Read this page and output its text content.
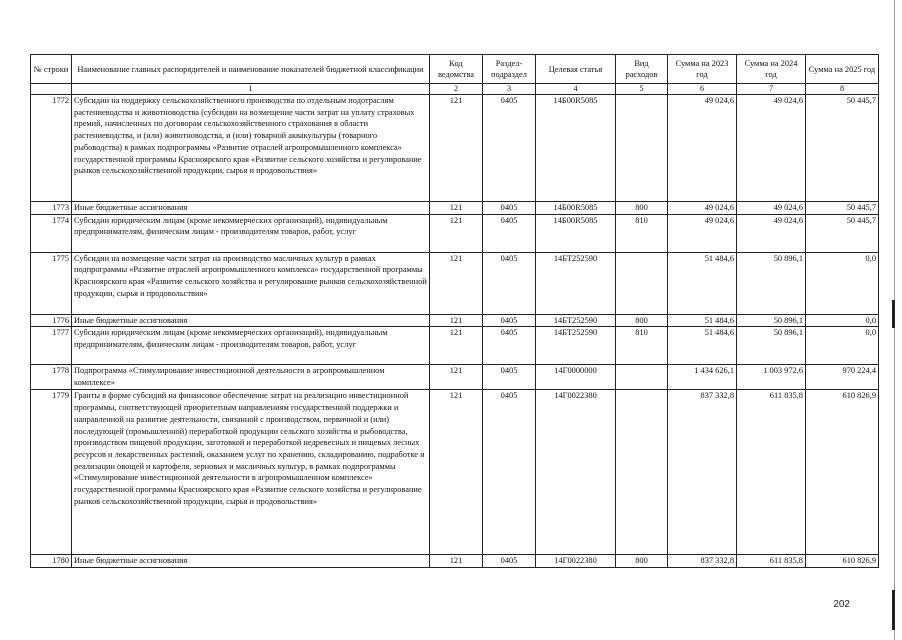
№ строки	Наименование главных распорядителей и наименование показателей бюджетной классификации	Код ведомства	Раздел-подраздел	Целевая статья	Вид расходов	Сумма на 2023 год	Сумма на 2024 год	Сумма на 2025 год
	1	2	3	4	5	6	7	8
1772	Субсидии на поддержку сельскохозяйственного производства по отдельным подотраслям растениеводства и животноводства (субсидии на возмещение части затрат на уплату страховых премий, начисленных по договорам сельскохозяйственного страхования в области растениеводства, и (или) животноводства, и (или) товарной аквакультуры (товарного рыбоводства) в рамках подпрограммы «Развитие отраслей агропромышленного комплекса» государственной программы Красноярского края «Развитие сельского хозяйства и регулирование рынков сельскохозяйственной продукции, сырья и продовольствия»	121	0405	14Б00R5085		49 024,6	49 024,6	50 445,7
1773	Иные бюджетные ассигнования	121	0405	14Б00R5085	800	49 024,6	49 024,6	50 445,7
1774	Субсидии юридическим лицам (кроме некоммерческих организаций), индивидуальным предпринимателям, физическим лицам - производителям товаров, работ, услуг	121	0405	14Б00R5085	810	49 024,6	49 024,6	50 445,7
1775	Субсидии на возмещение части затрат на производство масличных культур в рамках подпрограммы «Развитие отраслей агропромышленного комплекса» государственной программы Красноярского края «Развитие сельского хозяйства и регулирование рынков сельскохозяйственной продукции, сырья и продовольствия»	121	0405	14БТ252590		51 484,6	50 896,1	0,0
1776	Иные бюджетные ассигнования	121	0405	14БТ252590	800	51 484,6	50 896,1	0,0
1777	Субсидии юридическим лицам (кроме некоммерческих организаций), индивидуальным предпринимателям, физическим лицам - производителям товаров, работ, услуг	121	0405	14БТ252590	810	51 484,6	50 896,1	0,0
1778	Подпрограмма «Стимулирование инвестиционной деятельности в агропромышленном комплексе»	121	0405	14Г0000000		1 434 626,1	1 003 972,6	970 224,4
1779	Гранты в форме субсидий на финансовое обеспечение затрат на реализацию инвестиционной программы, соответствующей приоритетным направлениям государственной поддержки и направленной на развитие деятельности, связанной с производством, первичной и (или) последующей (промышленной) переработкой продукции сельского хозяйства и рыбоводства, производством пищевой продукции, заготовкой и переработкой недревесных и пищевых лесных ресурсов и лекарственных растений, оказанием услуг по хранению, складированию, подработке и реализации овощей и картофеля, зерновых и масличных культур, в рамках подпрограммы «Стимулирование инвестиционной деятельности в агропромышленном комплексе» государственной программы Красноярского края «Развитие сельского хозяйства и регулирование рынков сельскохозяйственной продукции, сырья и продовольствия»	121	0405	14Г0022380		837 332,8	611 835,8	610 826,9
1780	Иные бюджетные ассигнования	121	0405	14Г0022380	800	837 332,8	611 835,8	610 826,9
202
